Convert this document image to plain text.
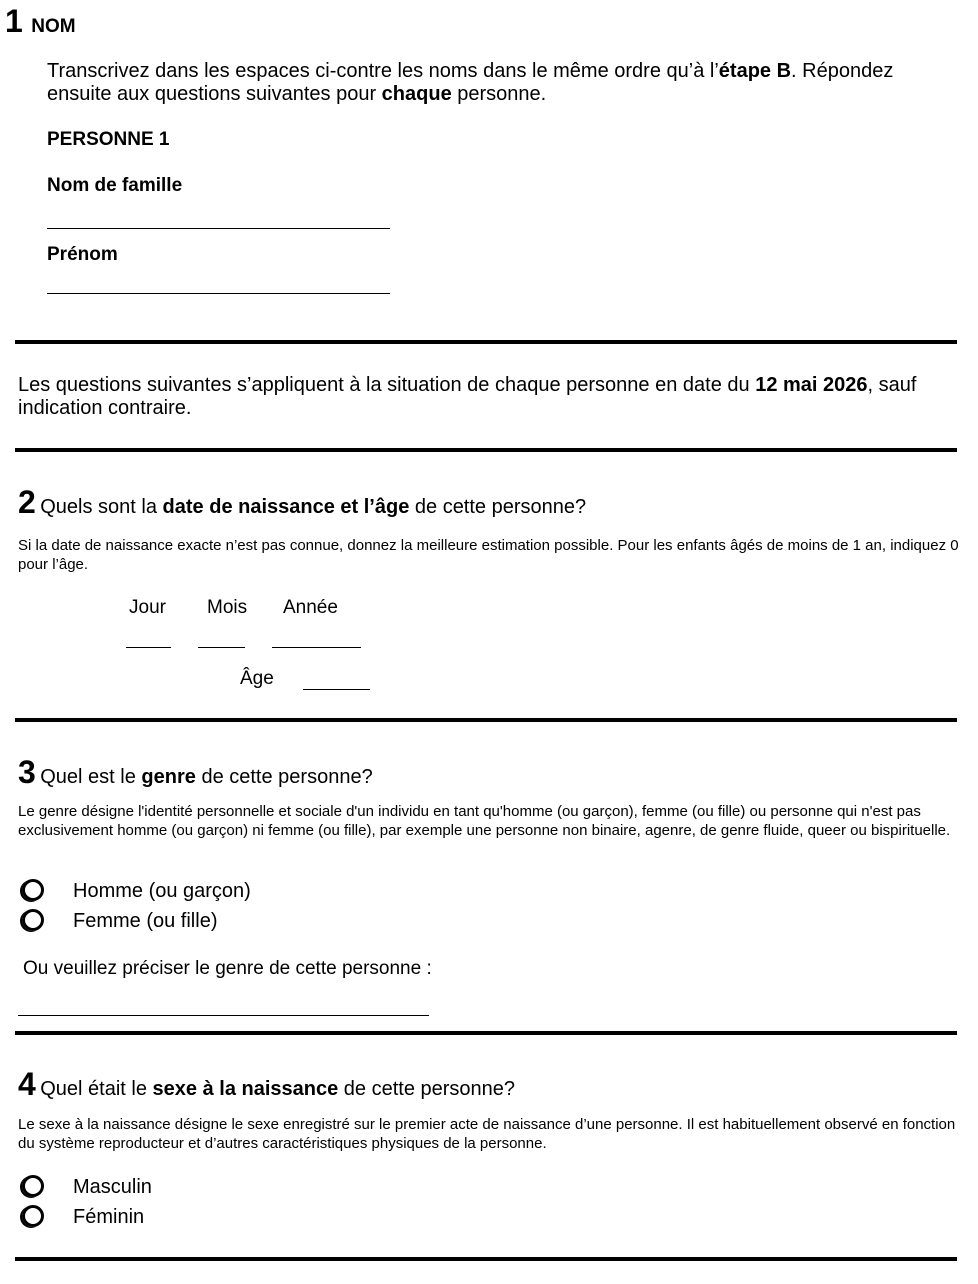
1 NOM
Transcrivez dans les espaces ci-contre les noms dans le même ordre qu’à l’étape B. Répondez ensuite aux questions suivantes pour chaque personne.
PERSONNE 1
Nom de famille
Prénom
Les questions suivantes s’appliquent à la situation de chaque personne en date du 12 mai 2026, sauf indication contraire.
2 Quels sont la date de naissance et l’âge de cette personne?
Si la date de naissance exacte n’est pas connue, donnez la meilleure estimation possible. Pour les enfants âgés de moins de 1 an, indiquez 0 pour l’âge.
Jour Mois Année
Âge
3 Quel est le genre de cette personne?
Le genre désigne l'identité personnelle et sociale d'un individu en tant qu'homme (ou garçon), femme (ou fille) ou personne qui n'est pas exclusivement homme (ou garçon) ni femme (ou fille), par exemple une personne non binaire, agenre, de genre fluide, queer ou bispirituelle.
Homme (ou garçon)
Femme (ou fille)
Ou veuillez préciser le genre de cette personne :
4 Quel était le sexe à la naissance de cette personne?
Le sexe à la naissance désigne le sexe enregistré sur le premier acte de naissance d’une personne. Il est habituellement observé en fonction du système reproducteur et d’autres caractéristiques physiques de la personne.
Masculin
Féminin
